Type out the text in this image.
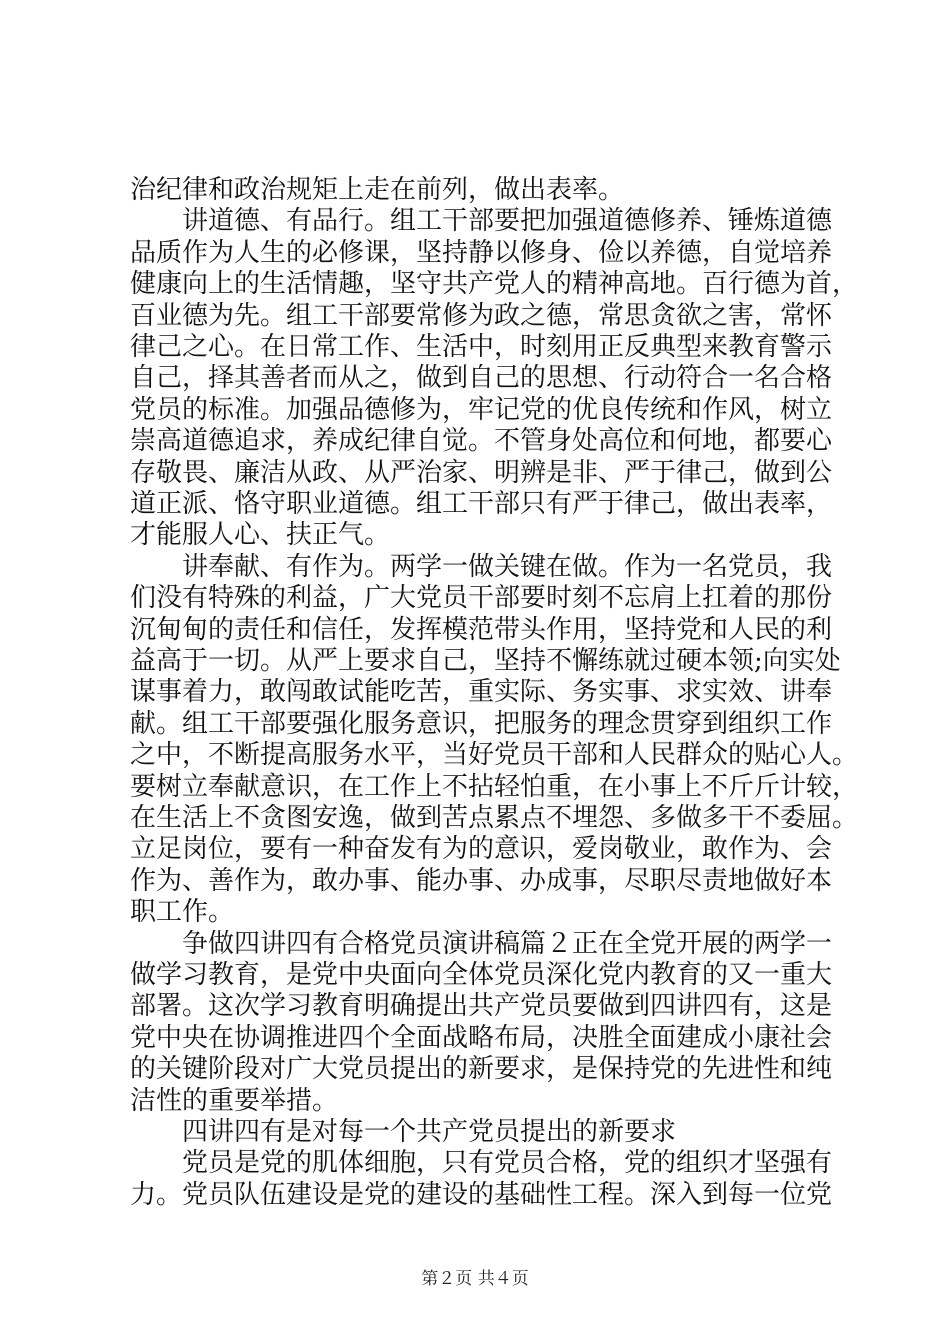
治纪律和政治规矩上走在前列，做出表率。
讲道德、有品行。组工干部要把加强道德修养、锤炼道德
品质作为人生的必修课，坚持静以修身、俭以养德，自觉培养
健康向上的生活情趣，坚守共产党人的精神高地。百行德为首，
百业德为先。组工干部要常修为政之德，常思贪欲之害，常怀
律己之心。在日常工作、生活中，时刻用正反典型来教育警示
自己，择其善者而从之，做到自己的思想、行动符合一名合格
党员的标准。加强品德修为，牢记党的优良传统和作风，树立
崇高道德追求，养成纪律自觉。不管身处高位和何地，都要心
存敬畏、廉洁从政、从严治家、明辨是非、严于律己，做到公
道正派、恪守职业道德。组工干部只有严于律己，做出表率，
才能服人心、扶正气。
讲奉献、有作为。两学一做关键在做。作为一名党员，我
们没有特殊的利益，广大党员干部要时刻不忘肩上扛着的那份
沉甸甸的责任和信任，发挥模范带头作用，坚持党和人民的利
益高于一切。从严上要求自己，坚持不懈练就过硬本领;向实处
谋事着力，敢闯敢试能吃苦，重实际、务实事、求实效、讲奉
献。组工干部要强化服务意识，把服务的理念贯穿到组织工作
之中，不断提高服务水平，当好党员干部和人民群众的贴心人。
要树立奉献意识，在工作上不拈轻怕重，在小事上不斤斤计较，
在生活上不贪图安逸，做到苦点累点不埋怨、多做多干不委屈。
立足岗位，要有一种奋发有为的意识，爱岗敬业，敢作为、会
作为、善作为，敢办事、能办事、办成事，尽职尽责地做好本
职工作。
争做四讲四有合格党员演讲稿篇２正在全党开展的两学一
做学习教育，是党中央面向全体党员深化党内教育的又一重大
部署。这次学习教育明确提出共产党员要做到四讲四有，这是
党中央在协调推进四个全面战略布局，决胜全面建成小康社会
的关键阶段对广大党员提出的新要求，是保持党的先进性和纯
洁性的重要举措。
四讲四有是对每一个共产党员提出的新要求
党员是党的肌体细胞，只有党员合格，党的组织才坚强有
力。党员队伍建设是党的建设的基础性工程。深入到每一位党
第２页 共４页
